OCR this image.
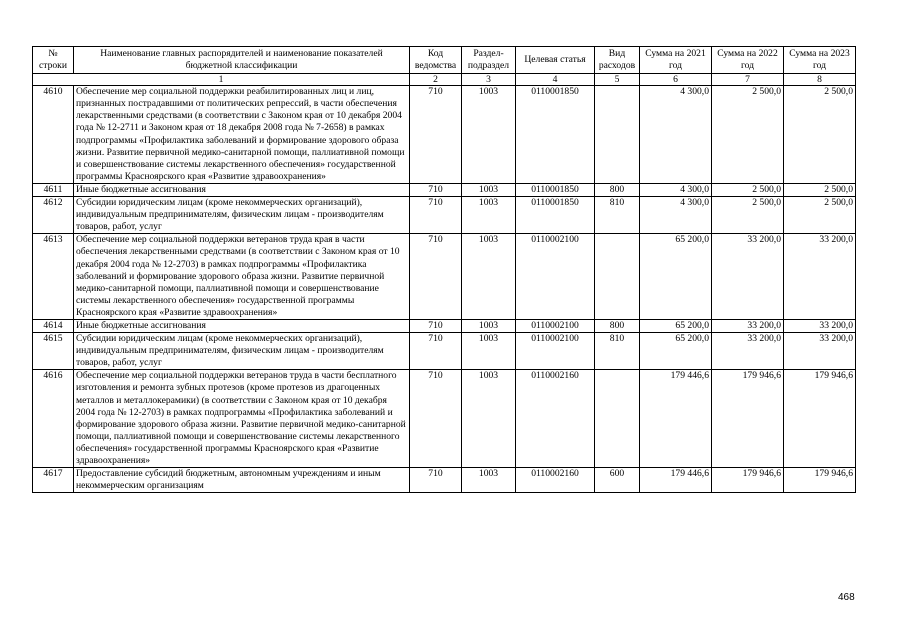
№ строки	Наименование главных распорядителей и наименование показателей бюджетной классификации	Код ведомства	Раздел-подраздел	Целевая статья	Вид расходов	Сумма на 2021 год	Сумма на 2022 год	Сумма на 2023 год
1		2	3	4	5	6	7	8
4610	Обеспечение мер социальной поддержки реабилитированных лиц и лиц, признанных пострадавшими от политических репрессий, в части обеспечения лекарственными средствами (в соответствии с Законом края от 10 декабря 2004 года № 12-2711 и Законом края от 18 декабря 2008 года № 7-2658) в рамках подпрограммы «Профилактика заболеваний и формирование здорового образа жизни. Развитие первичной медико-санитарной помощи, паллиативной помощи и совершенствование системы лекарственного обеспечения» государственной программы Красноярского края «Развитие здравоохранения»	710	1003	0110001850		4 300,0	2 500,0	2 500,0
4611	Иные бюджетные ассигнования	710	1003	0110001850	800	4 300,0	2 500,0	2 500,0
4612	Субсидии юридическим лицам (кроме некоммерческих организаций), индивидуальным предпринимателям, физическим лицам - производителям товаров, работ, услуг	710	1003	0110001850	810	4 300,0	2 500,0	2 500,0
4613	Обеспечение мер социальной поддержки ветеранов труда края в части обеспечения лекарственными средствами (в соответствии с Законом края от 10 декабря 2004 года № 12-2703) в рамках подпрограммы «Профилактика заболеваний и формирование здорового образа жизни. Развитие первичной медико-санитарной помощи, паллиативной помощи и совершенствование системы лекарственного обеспечения» государственной программы Красноярского края «Развитие здравоохранения»	710	1003	0110002100		65 200,0	33 200,0	33 200,0
4614	Иные бюджетные ассигнования	710	1003	0110002100	800	65 200,0	33 200,0	33 200,0
4615	Субсидии юридическим лицам (кроме некоммерческих организаций), индивидуальным предпринимателям, физическим лицам - производителям товаров, работ, услуг	710	1003	0110002100	810	65 200,0	33 200,0	33 200,0
4616	Обеспечение мер социальной поддержки ветеранов труда в части бесплатного изготовления и ремонта зубных протезов (кроме протезов из драгоценных металлов и металлокерамики) (в соответствии с Законом края от 10 декабря 2004 года № 12-2703) в рамках подпрограммы «Профилактика заболеваний и формирование здорового образа жизни. Развитие первичной медико-санитарной помощи, паллиативной помощи и совершенствование системы лекарственного обеспечения» государственной программы Красноярского края «Развитие здравоохранения»	710	1003	0110002160		179 446,6	179 946,6	179 946,6
4617	Предоставление субсидий бюджетным, автономным учреждениям и иным некоммерческим организациям	710	1003	0110002160	600	179 446,6	179 946,6	179 946,6
468
